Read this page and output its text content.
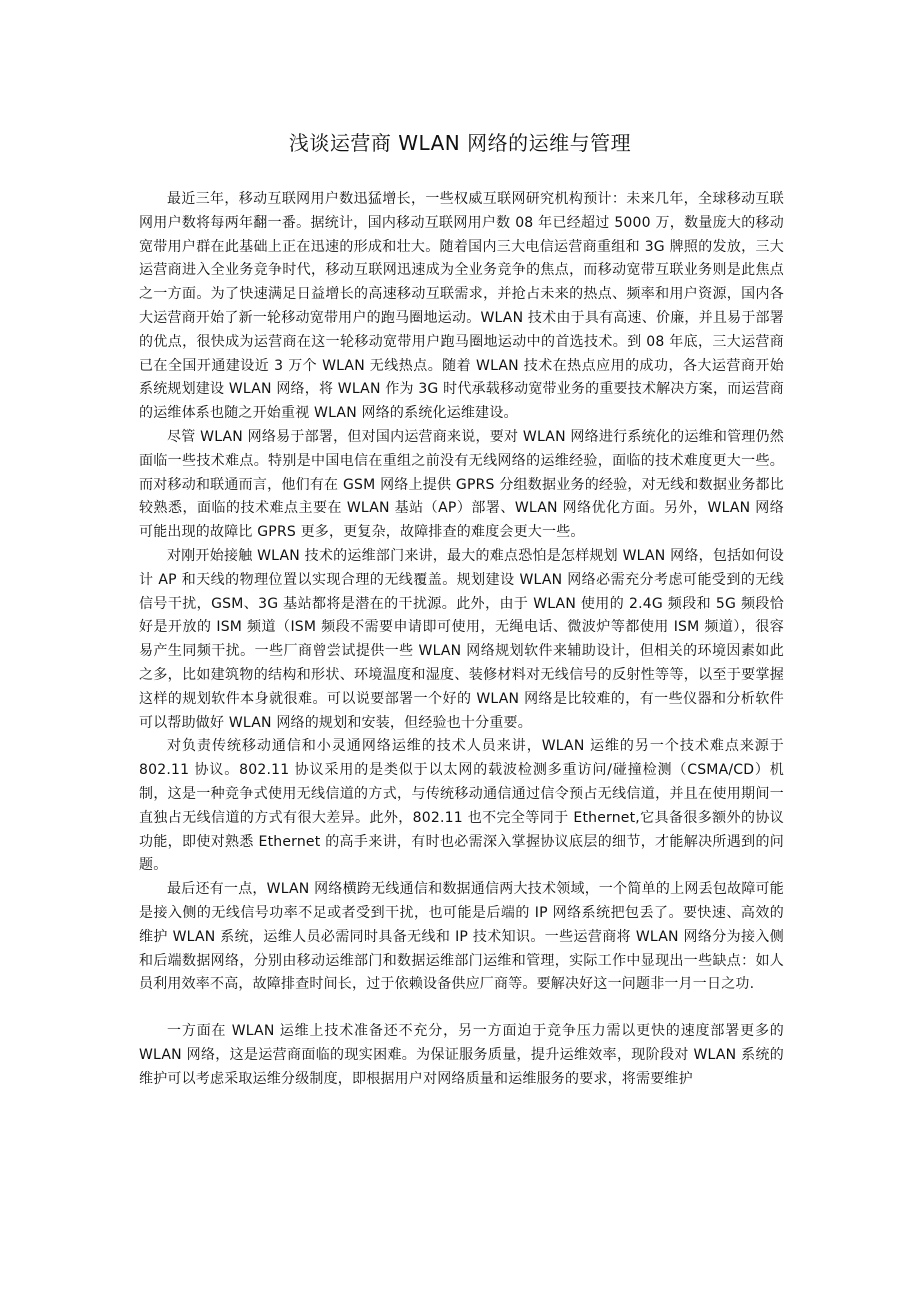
浅谈运营商 WLAN 网络的运维与管理

最近三年，移动互联网用户数迅猛增长，一些权威互联网研究机构预计：未来几年，全球移动互联网用户数将每两年翻一番。据统计，国内移动互联网用户数 08 年已经超过 5000 万，数量庞大的移动宽带用户群在此基础上正在迅速的形成和壮大。随着国内三大电信运营商重组和 3G 牌照的发放，三大运营商进入全业务竞争时代，移动互联网迅速成为全业务竞争的焦点，而移动宽带互联业务则是此焦点之一方面。为了快速满足日益增长的高速移动互联需求，并抢占未来的热点、频率和用户资源，国内各大运营商开始了新一轮移动宽带用户的跑马圈地运动。WLAN 技术由于具有高速、价廉，并且易于部署的优点，很快成为运营商在这一轮移动宽带用户跑马圈地运动中的首选技术。到 08 年底，三大运营商已在全国开通建设近 3 万个 WLAN 无线热点。随着 WLAN 技术在热点应用的成功，各大运营商开始系统规划建设 WLAN 网络，将 WLAN 作为 3G 时代承载移动宽带业务的重要技术解决方案，而运营商的运维体系也随之开始重视 WLAN 网络的系统化运维建设。

尽管 WLAN 网络易于部署，但对国内运营商来说，要对 WLAN 网络进行系统化的运维和管理仍然面临一些技术难点。特别是中国电信在重组之前没有无线网络的运维经验，面临的技术难度更大一些。而对移动和联通而言，他们有在 GSM 网络上提供 GPRS 分组数据业务的经验，对无线和数据业务都比较熟悉，面临的技术难点主要在 WLAN 基站（AP）部署、WLAN 网络优化方面。另外，WLAN 网络可能出现的故障比 GPRS 更多，更复杂，故障排查的难度会更大一些。

对刚开始接触 WLAN 技术的运维部门来讲，最大的难点恐怕是怎样规划 WLAN 网络，包括如何设计 AP 和天线的物理位置以实现合理的无线覆盖。规划建设 WLAN 网络必需充分考虑可能受到的无线信号干扰，GSM、3G 基站都将是潜在的干扰源。此外，由于 WLAN 使用的 2.4G 频段和 5G 频段恰好是开放的 ISM 频道（ISM 频段不需要申请即可使用，无绳电话、微波炉等都使用 ISM 频道），很容易产生同频干扰。一些厂商曾尝试提供一些 WLAN 网络规划软件来辅助设计，但相关的环境因素如此之多，比如建筑物的结构和形状、环境温度和湿度、装修材料对无线信号的反射性等等，以至于要掌握这样的规划软件本身就很难。可以说要部署一个好的 WLAN 网络是比较难的，有一些仪器和分析软件可以帮助做好 WLAN 网络的规划和安装，但经验也十分重要。

对负责传统移动通信和小灵通网络运维的技术人员来讲，WLAN 运维的另一个技术难点来源于 802.11 协议。802.11 协议采用的是类似于以太网的载波检测多重访问/碰撞检测（CSMA/CD）机制，这是一种竞争式使用无线信道的方式，与传统移动通信通过信令预占无线信道，并且在使用期间一直独占无线信道的方式有很大差异。此外，802.11 也不完全等同于 Ethernet,它具备很多额外的协议功能，即使对熟悉 Ethernet 的高手来讲，有时也必需深入掌握协议底层的细节，才能解决所遇到的问题。

最后还有一点，WLAN 网络横跨无线通信和数据通信两大技术领域，一个简单的上网丢包故障可能是接入侧的无线信号功率不足或者受到干扰，也可能是后端的 IP 网络系统把包丢了。要快速、高效的维护 WLAN 系统，运维人员必需同时具备无线和 IP 技术知识。一些运营商将 WLAN 网络分为接入侧和后端数据网络，分别由移动运维部门和数据运维部门运维和管理，实际工作中显现出一些缺点：如人员利用效率不高，故障排查时间长，过于依赖设备供应厂商等。要解决好这一问题非一月一日之功.

一方面在 WLAN 运维上技术准备还不充分，另一方面迫于竞争压力需以更快的速度部署更多的 WLAN 网络，这是运营商面临的现实困难。为保证服务质量，提升运维效率，现阶段对 WLAN 系统的维护可以考虑采取运维分级制度，即根据用户对网络质量和运维服务的要求，将需要维护
